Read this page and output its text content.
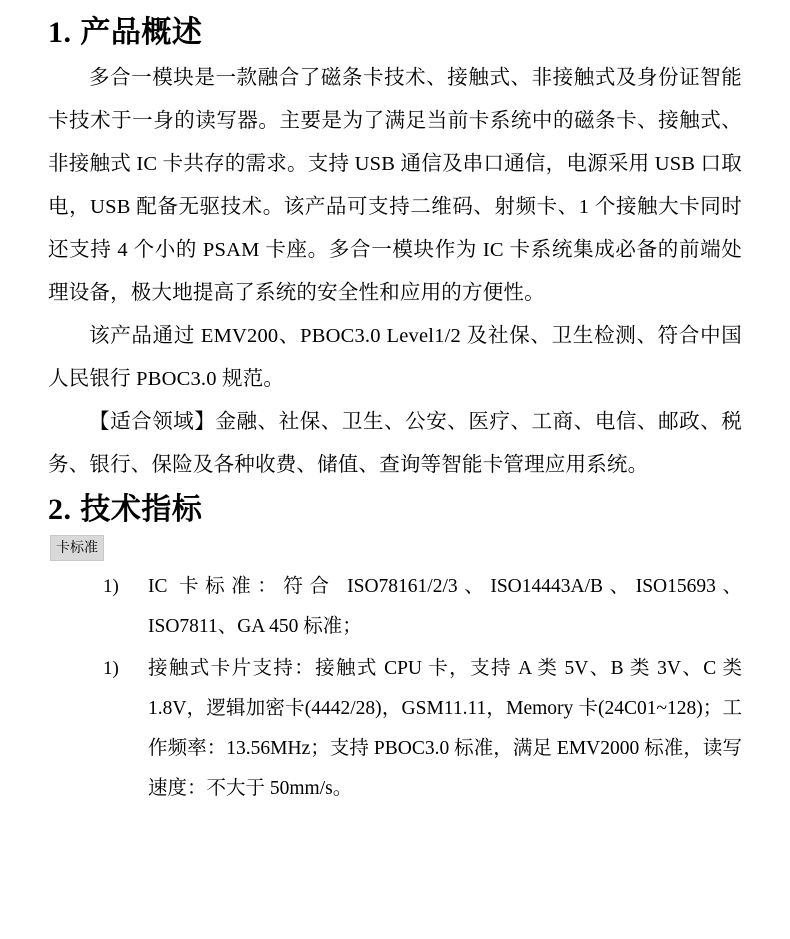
1. 产品概述

多合一模块是一款融合了磁条卡技术、接触式、非接触式及身份证智能卡技术于一身的读写器。主要是为了满足当前卡系统中的磁条卡、接触式、非接触式 IC 卡共存的需求。支持 USB 通信及串口通信，电源采用 USB 口取电，USB 配备无驱技术。该产品可支持二维码、射频卡、1 个接触大卡同时还支持 4 个小的 PSAM 卡座。多合一模块作为 IC 卡系统集成必备的前端处理设备，极大地提高了系统的安全性和应用的方便性。

该产品通过 EMV200、PBOC3.0 Level1/2 及社保、卫生检测、符合中国人民银行 PBOC3.0 规范。

【适合领域】金融、社保、卫生、公安、医疗、工商、电信、邮政、税务、银行、保险及各种收费、储值、查询等智能卡管理应用系统。

2. 技术指标
卡标准
1)	IC 卡标准：符合 ISO78161/2/3、ISO14443A/B、ISO15693、ISO7811、GA 450 标准；
1)	接触式卡片支持：接触式 CPU 卡，支持 A 类 5V、B 类 3V、C 类 1.8V，逻辑加密卡(4442/28)，GSM11.11，Memory 卡(24C01~128)；工作频率：13.56MHz；支持 PBOC3.0 标准，满足 EMV2000 标准，读写速度：不大于 50mm/s。
